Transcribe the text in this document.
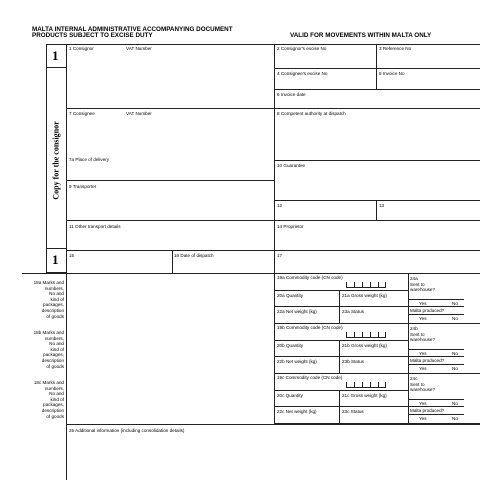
MALTA INTERNAL ADMINISTRATIVE ACCOMPANYING DOCUMENT
PRODUCTS SUBJECT TO EXCISE DUTY	VALID FOR MOVEMENTS WITHIN MALTA ONLY
1
Copy for the consignor
1
1 Consignor	VAT Number	2 Consignor's excise No	3 Reference No
4 Consignee's excise No	5 Invoice No
6 Invoice date
7 Consignee	VAT Number	8 Competent authority at dispatch
7a Place of delivery
10 Guarantee
9 Transporter
12	13
11 Other transport details	14 Proprietor
15	16 Date of dispatch	17
18a Marks and
numbers,
No and
kind of
packages,
description
of goods
19a Commodity code (CN code)
20a Quantity	21a Gross weight (kg)
22a Net weight (kg)	23a Status
24a
Sent to
warehouse?
Yes	No
Malta produced?
Yes	No
18b Marks and
numbers,
No and
kind of
packages,
description
of goods
19b Commodity code (CN code)
20b Quantity	21b Gross weight (kg)
22b Net weight (kg)	23b Status
24b
Sent to
warehouse?
Yes	No
Malta produced?
Yes	No
18c Marks and
numbers,
No and
kind of
packages,
description
of goods
19c Commodity code (CN code)
20c Quantity	21c Gross weight (kg)
22c Net weight (kg)	23c Status
24c
Sent to
warehouse?
Yes	No
Malta produced?
Yes	No
25 Additional information (including consolidation details)
